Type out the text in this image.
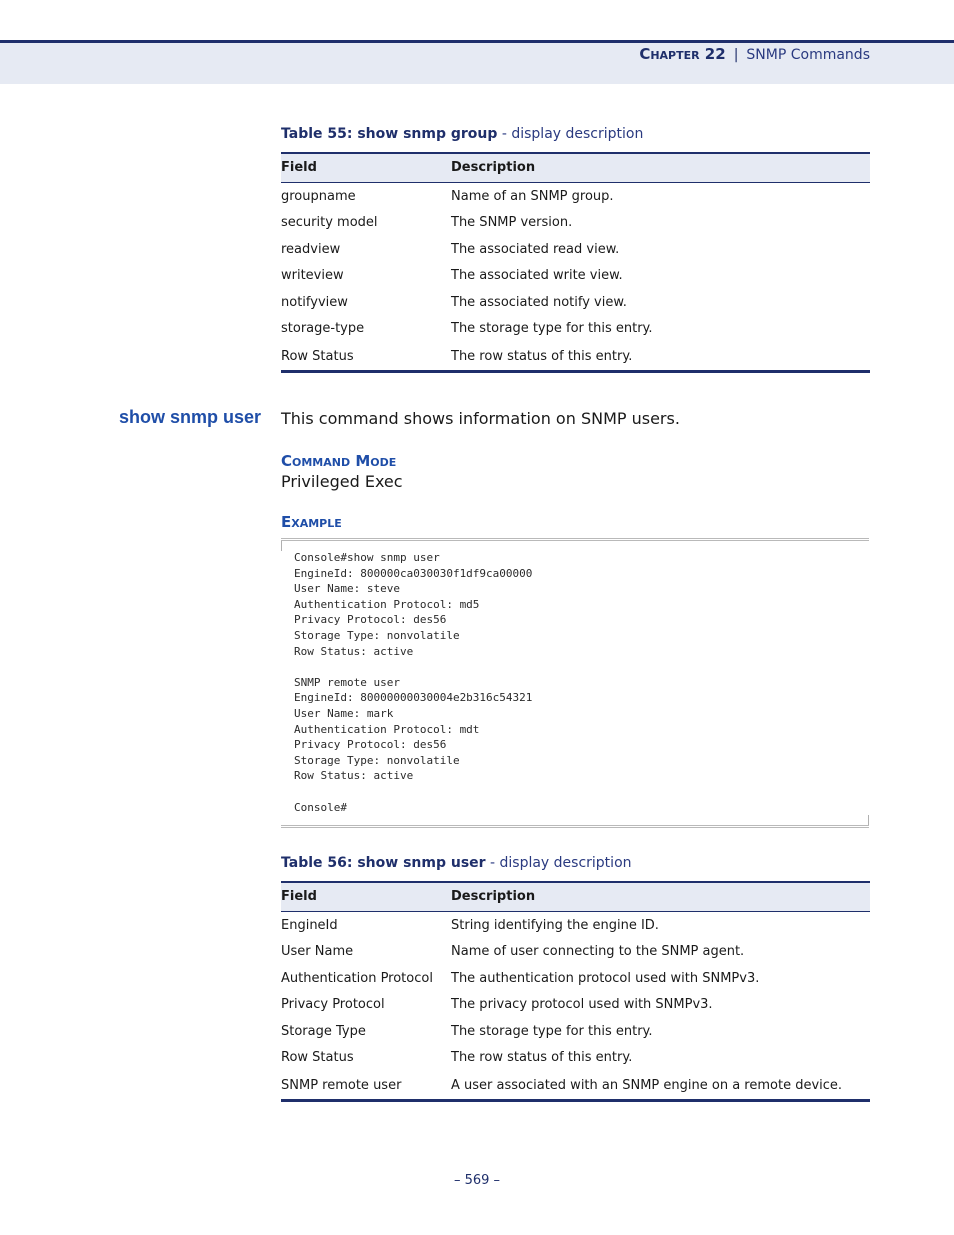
Chapter 22 | SNMP Commands
Table 55: show snmp group - display description
Field	Description
groupname	Name of an SNMP group.
security model	The SNMP version.
readview	The associated read view.
writeview	The associated write view.
notifyview	The associated notify view.
storage-type	The storage type for this entry.
Row Status	The row status of this entry.
show snmp user This command shows information on SNMP users.
Command Mode
Privileged Exec
Example
Console#show snmp user
EngineId: 800000ca030030f1df9ca00000
User Name: steve
Authentication Protocol: md5
Privacy Protocol: des56
Storage Type: nonvolatile
Row Status: active

SNMP remote user
EngineId: 80000000030004e2b316c54321
User Name: mark
Authentication Protocol: mdt
Privacy Protocol: des56
Storage Type: nonvolatile
Row Status: active

Console#
Table 56: show snmp user - display description
Field	Description
EngineId	String identifying the engine ID.
User Name	Name of user connecting to the SNMP agent.
Authentication Protocol	The authentication protocol used with SNMPv3.
Privacy Protocol	The privacy protocol used with SNMPv3.
Storage Type	The storage type for this entry.
Row Status	The row status of this entry.
SNMP remote user	A user associated with an SNMP engine on a remote device.
– 569 –
